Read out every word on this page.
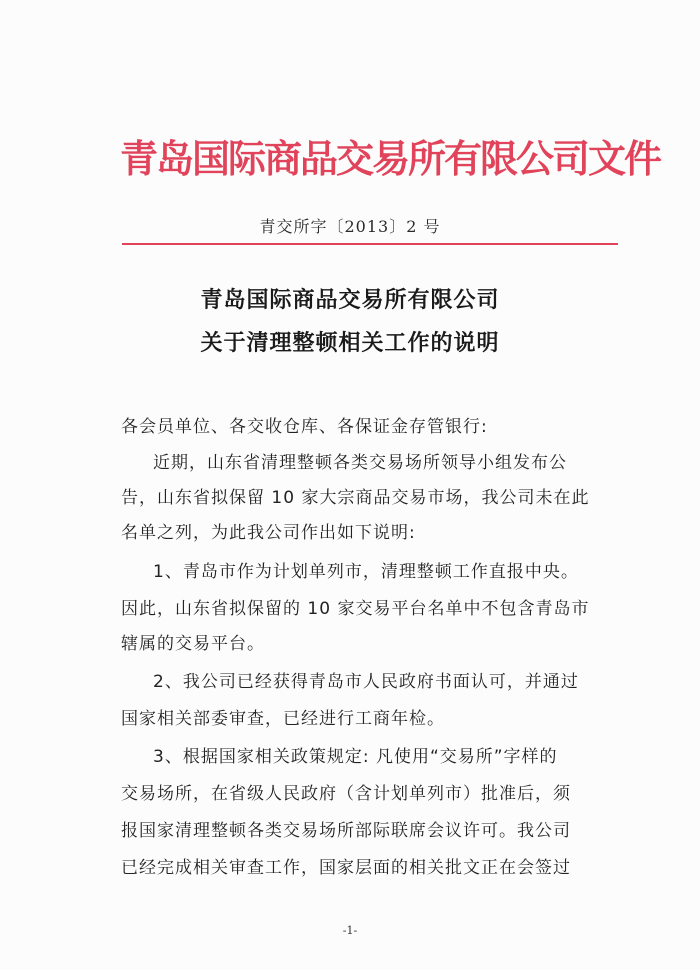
青岛国际商品交易所有限公司文件
青交所字〔2013〕2 号
青岛国际商品交易所有限公司
关于清理整顿相关工作的说明
各会员单位、各交收仓库、各保证金存管银行:
近期，山东省清理整顿各类交易场所领导小组发布公
告，山东省拟保留 10 家大宗商品交易市场，我公司未在此
名单之列，为此我公司作出如下说明:
1、青岛市作为计划单列市，清理整顿工作直报中央。
因此，山东省拟保留的 10 家交易平台名单中不包含青岛市
辖属的交易平台。
2、我公司已经获得青岛市人民政府书面认可，并通过
国家相关部委审查，已经进行工商年检。
3、根据国家相关政策规定: 凡使用“交易所”字样的
交易场所，在省级人民政府（含计划单列市）批准后，须
报国家清理整顿各类交易场所部际联席会议许可。我公司
已经完成相关审查工作，国家层面的相关批文正在会签过
-1-
